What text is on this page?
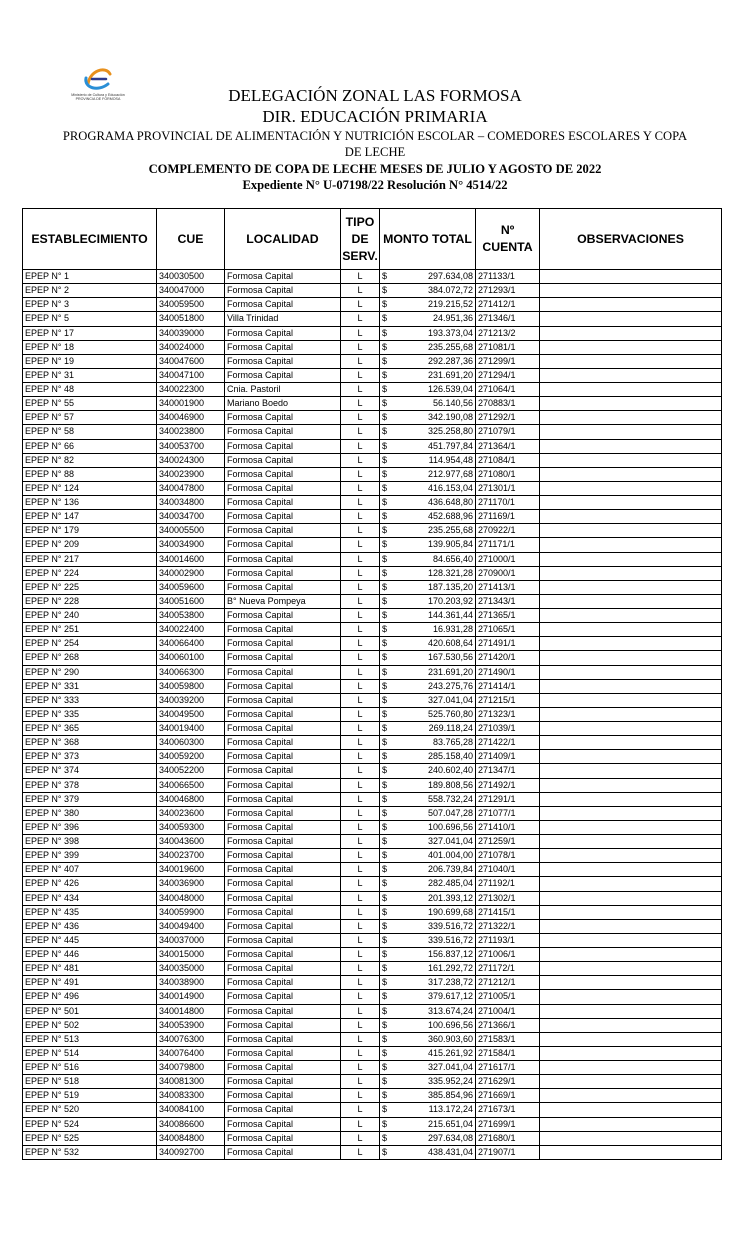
Ministerio de Cultura y Educación
PROVINCIA DE FORMOSA	DELEGACIÓN ZONAL LAS FORMOSA
DIR. EDUCACIÓN PRIMARIA
PROGRAMA PROVINCIAL DE ALIMENTACIÓN Y NUTRICIÓN ESCOLAR – COMEDORES ESCOLARES Y COPA
DE LECHE
COMPLEMENTO DE COPA DE LECHE MESES DE JULIO Y AGOSTO DE 2022
Expediente N° U-07198/22 Resolución N° 4514/22
ESTABLECIMIENTO	CUE	LOCALIDAD	TIPO DE SERV.	MONTO TOTAL	Nº CUENTA	OBSERVACIONES
EPEP N° 1	340030500	Formosa Capital	L	$ 297.634,08	271133/1	
EPEP N° 2	340047000	Formosa Capital	L	$ 384.072,72	271293/1	
EPEP N° 3	340059500	Formosa Capital	L	$ 219.215,52	271412/1	
EPEP N° 5	340051800	Villa Trinidad	L	$ 24.951,36	271346/1	
EPEP N° 17	340039000	Formosa Capital	L	$ 193.373,04	271213/2	
EPEP N° 18	340024000	Formosa Capital	L	$ 235.255,68	271081/1	
EPEP N° 19	340047600	Formosa Capital	L	$ 292.287,36	271299/1	
EPEP N° 31	340047100	Formosa Capital	L	$ 231.691,20	271294/1	
EPEP N° 48	340022300	Cnia. Pastoril	L	$ 126.539,04	271064/1	
EPEP N° 55	340001900	Mariano Boedo	L	$ 56.140,56	270883/1	
EPEP N° 57	340046900	Formosa Capital	L	$ 342.190,08	271292/1	
EPEP N° 58	340023800	Formosa Capital	L	$ 325.258,80	271079/1	
EPEP N° 66	340053700	Formosa Capital	L	$ 451.797,84	271364/1	
EPEP N° 82	340024300	Formosa Capital	L	$ 114.954,48	271084/1	
EPEP N° 88	340023900	Formosa Capital	L	$ 212.977,68	271080/1	
EPEP N° 124	340047800	Formosa Capital	L	$ 416.153,04	271301/1	
EPEP N° 136	340034800	Formosa Capital	L	$ 436.648,80	271170/1	
EPEP N° 147	340034700	Formosa Capital	L	$ 452.688,96	271169/1	
EPEP N° 179	340005500	Formosa Capital	L	$ 235.255,68	270922/1	
EPEP N° 209	340034900	Formosa Capital	L	$ 139.905,84	271171/1	
EPEP N° 217	340014600	Formosa Capital	L	$ 84.656,40	271000/1	
EPEP N° 224	340002900	Formosa Capital	L	$ 128.321,28	270900/1	
EPEP N° 225	340059600	Formosa Capital	L	$ 187.135,20	271413/1	
EPEP N° 228	340051600	B° Nueva Pompeya	L	$ 170.203,92	271343/1	
EPEP N° 240	340053800	Formosa Capital	L	$ 144.361,44	271365/1	
EPEP N° 251	340022400	Formosa Capital	L	$ 16.931,28	271065/1	
EPEP N° 254	340066400	Formosa Capital	L	$ 420.608,64	271491/1	
EPEP N° 268	340060100	Formosa Capital	L	$ 167.530,56	271420/1	
EPEP N° 290	340066300	Formosa Capital	L	$ 231.691,20	271490/1	
EPEP N° 331	340059800	Formosa Capital	L	$ 243.275,76	271414/1	
EPEP N° 333	340039200	Formosa Capital	L	$ 327.041,04	271215/1	
EPEP N° 335	340049500	Formosa Capital	L	$ 525.760,80	271323/1	
EPEP N° 365	340019400	Formosa Capital	L	$ 269.118,24	271039/1	
EPEP N° 368	340060300	Formosa Capital	L	$ 83.765,28	271422/1	
EPEP N° 373	340059200	Formosa Capital	L	$ 285.158,40	271409/1	
EPEP N° 374	340052200	Formosa Capital	L	$ 240.602,40	271347/1	
EPEP N° 378	340066500	Formosa Capital	L	$ 189.808,56	271492/1	
EPEP N° 379	340046800	Formosa Capital	L	$ 558.732,24	271291/1	
EPEP N° 380	340023600	Formosa Capital	L	$ 507.047,28	271077/1	
EPEP N° 396	340059300	Formosa Capital	L	$ 100.696,56	271410/1	
EPEP N° 398	340043600	Formosa Capital	L	$ 327.041,04	271259/1	
EPEP N° 399	340023700	Formosa Capital	L	$ 401.004,00	271078/1	
EPEP N° 407	340019600	Formosa Capital	L	$ 206.739,84	271040/1	
EPEP N° 426	340036900	Formosa Capital	L	$ 282.485,04	271192/1	
EPEP N° 434	340048000	Formosa Capital	L	$ 201.393,12	271302/1	
EPEP N° 435	340059900	Formosa Capital	L	$ 190.699,68	271415/1	
EPEP N° 436	340049400	Formosa Capital	L	$ 339.516,72	271322/1	
EPEP N° 445	340037000	Formosa Capital	L	$ 339.516,72	271193/1	
EPEP N° 446	340015000	Formosa Capital	L	$ 156.837,12	271006/1	
EPEP N° 481	340035000	Formosa Capital	L	$ 161.292,72	271172/1	
EPEP N° 491	340038900	Formosa Capital	L	$ 317.238,72	271212/1	
EPEP N° 496	340014900	Formosa Capital	L	$ 379.617,12	271005/1	
EPEP N° 501	340014800	Formosa Capital	L	$ 313.674,24	271004/1	
EPEP N° 502	340053900	Formosa Capital	L	$ 100.696,56	271366/1	
EPEP N° 513	340076300	Formosa Capital	L	$ 360.903,60	271583/1	
EPEP N° 514	340076400	Formosa Capital	L	$ 415.261,92	271584/1	
EPEP N° 516	340079800	Formosa Capital	L	$ 327.041,04	271617/1	
EPEP N° 518	340081300	Formosa Capital	L	$ 335.952,24	271629/1	
EPEP N° 519	340083300	Formosa Capital	L	$ 385.854,96	271669/1	
EPEP N° 520	340084100	Formosa Capital	L	$ 113.172,24	271673/1	
EPEP N° 524	340086600	Formosa Capital	L	$ 215.651,04	271699/1	
EPEP N° 525	340084800	Formosa Capital	L	$ 297.634,08	271680/1	
EPEP N° 532	340092700	Formosa Capital	L	$ 438.431,04	271907/1	
